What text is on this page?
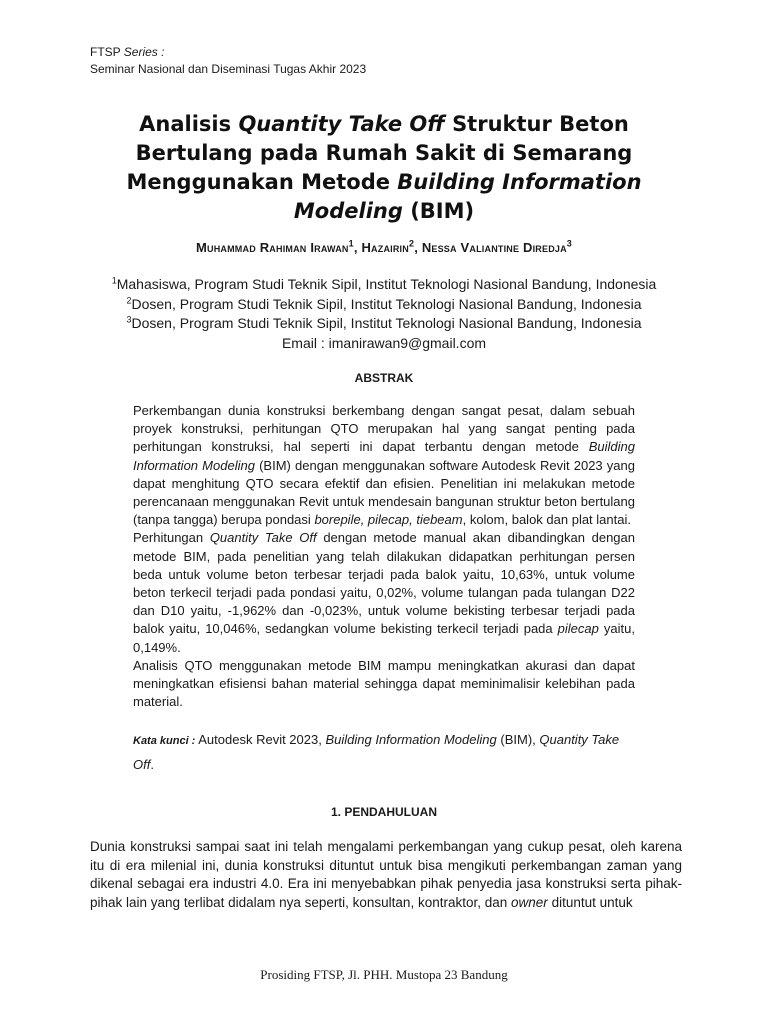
FTSP Series :
Seminar Nasional dan Diseminasi Tugas Akhir 2023
Analisis Quantity Take Off Struktur Beton Bertulang pada Rumah Sakit di Semarang Menggunakan Metode Building Information Modeling (BIM)
Muhammad Rahiman Irawan$^1$, Hazairin$^2$, Nessa Valiantine Diredja$^3$
$^1$Mahasiswa, Program Studi Teknik Sipil, Institut Teknologi Nasional Bandung, Indonesia
$^2$Dosen, Program Studi Teknik Sipil, Institut Teknologi Nasional Bandung, Indonesia
$^3$Dosen, Program Studi Teknik Sipil, Institut Teknologi Nasional Bandung, Indonesia
Email : imanirawan9@gmail.com
ABSTRAK

Perkembangan dunia konstruksi berkembang dengan sangat pesat, dalam sebuah proyek konstruksi, perhitungan QTO merupakan hal yang sangat penting pada perhitungan konstruksi, hal seperti ini dapat terbantu dengan metode Building Information Modeling (BIM) dengan menggunakan software Autodesk Revit 2023 yang dapat menghitung QTO secara efektif dan efisien. Penelitian ini melakukan metode perencanaan menggunakan Revit untuk mendesain bangunan struktur beton bertulang (tanpa tangga) berupa pondasi borepile, pilecap, tiebeam, kolom, balok dan plat lantai.

Perhitungan Quantity Take Off dengan metode manual akan dibandingkan dengan metode BIM, pada penelitian yang telah dilakukan didapatkan perhitungan persen beda untuk volume beton terbesar terjadi pada balok yaitu, 10,63%, untuk volume beton terkecil terjadi pada pondasi yaitu, 0,02%, volume tulangan pada tulangan D22 dan D10 yaitu, -1,962% dan -0,023%, untuk volume bekisting terbesar terjadi pada balok yaitu, 10,046%, sedangkan volume bekisting terkecil terjadi pada pilecap yaitu, 0,149%.

Analisis QTO menggunakan metode BIM mampu meningkatkan akurasi dan dapat meningkatkan efisiensi bahan material sehingga dapat meminimalisir kelebihan pada material.

Kata kunci : Autodesk Revit 2023, Building Information Modeling (BIM), Quantity Take Off.
1. PENDAHULUAN

Dunia konstruksi sampai saat ini telah mengalami perkembangan yang cukup pesat, oleh karena itu di era milenial ini, dunia konstruksi dituntut untuk bisa mengikuti perkembangan zaman yang dikenal sebagai era industri 4.0. Era ini menyebabkan pihak penyedia jasa konstruksi serta pihak-pihak lain yang terlibat didalam nya seperti, konsultan, kontraktor, dan owner dituntut untuk

Prosiding FTSP, Jl. PHH. Mustopa 23 Bandung
